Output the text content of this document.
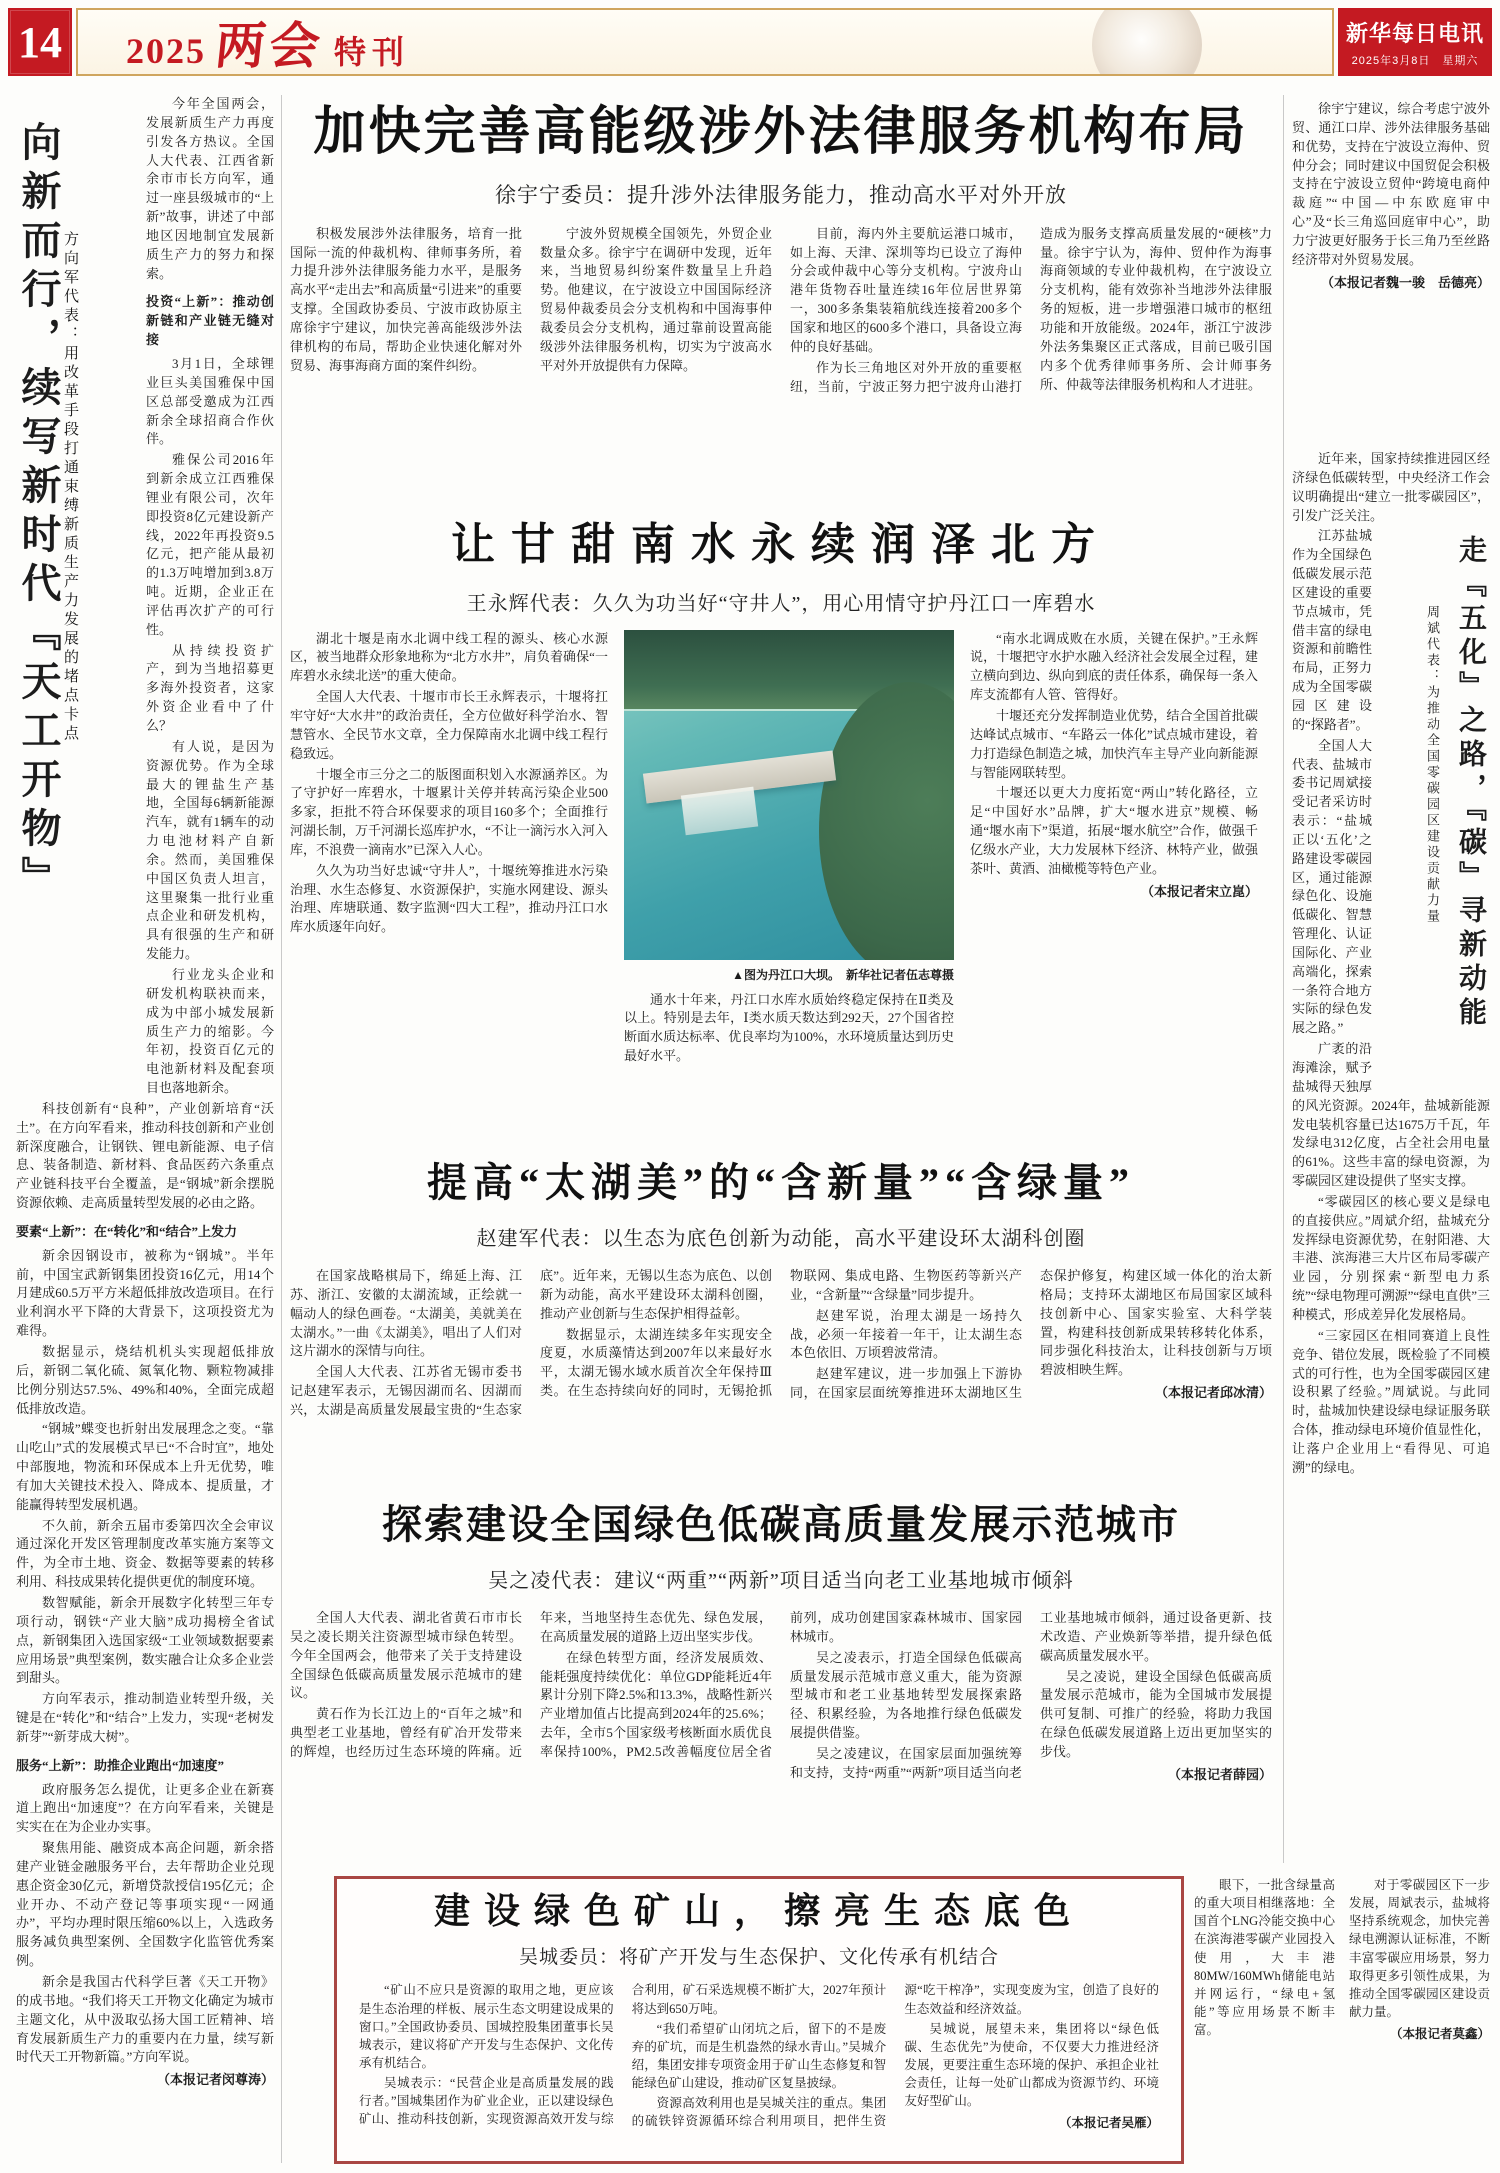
14 2025 两会 特刊
新华每日电讯
2025年3月8日　 星期六
向新而行，续写新时代『天工开物』 方向军代表：用改革手段打通束缚新质生产力发展的堵点卡点

今年全国两会，发展新质生产力再度引发各方热议。全国人大代表、江西省新余市市长方向军，通过一座县级城市的“上新”故事，讲述了中部地区因地制宜发展新质生产力的努力和探索。

投资“上新”：推动创新链和产业链无缝对接

3月1日，全球锂业巨头美国雅保中国区总部受邀成为江西新余全球招商合作伙伴。

雅保公司2016年到新余成立江西雅保锂业有限公司，次年即投资8亿元建设新产线，2022年再投资9.5亿元，把产能从最初的1.3万吨增加到3.8万吨。近期，企业正在评估再次扩产的可行性。

从持续投资扩产，到为当地招募更多海外投资者，这家外资企业看中了什么？

有人说，是因为资源优势。作为全球最大的锂盐生产基地，全国每6辆新能源汽车，就有1辆车的动力电池材料产自新余。然而，美国雅保中国区负责人坦言，这里聚集一批行业重点企业和研发机构，具有很强的生产和研发能力。

行业龙头企业和研发机构联袂而来，成为中部小城发展新质生产力的缩影。今年初，投资百亿元的电池新材料及配套项目也落地新余。

科技创新有“良种”，产业创新培育“沃土”。在方向军看来，推动科技创新和产业创新深度融合，让钢铁、锂电新能源、电子信息、装备制造、新材料、食品医药六条重点产业链科技平台全覆盖，是“钢城”新余摆脱资源依赖、走高质量转型发展的必由之路。

要素“上新”：在“转化”和“结合”上发力

新余因钢设市，被称为“钢城”。半年前，中国宝武新钢集团投资16亿元，用14个月建成60.5万平方米超低排放改造项目。在行业利润水平下降的大背景下，这项投资尤为难得。

数据显示，烧结机机头实现超低排放后，新钢二氧化硫、氮氧化物、颗粒物减排比例分别达57.5%、49%和40%，全面完成超低排放改造。

“钢城”蝶变也折射出发展理念之变。“靠山吃山”式的发展模式早已“不合时宜”，地处中部腹地，物流和环保成本上升无优势，唯有加大关键技术投入、降成本、提质量，才能赢得转型发展机遇。

不久前，新余五届市委第四次全会审议通过深化开发区管理制度改革实施方案等文件，为全市土地、资金、数据等要素的转移利用、科技成果转化提供更优的制度环境。

数智赋能，新余开展数字化转型三年专项行动，钢铁“产业大脑”成功揭榜全省试点，新钢集团入选国家级“工业领域数据要素应用场景”典型案例，数实融合让众多企业尝到甜头。

方向军表示，推动制造业转型升级，关键是在“转化”和“结合”上发力，实现“老树发新芽”“新芽成大树”。

服务“上新”：助推企业跑出“加速度”

政府服务怎么提优，让更多企业在新赛道上跑出“加速度”？在方向军看来，关键是实实在在为企业办实事。

聚焦用能、融资成本高企问题，新余搭建产业链金融服务平台，去年帮助企业兑现惠企资金30亿元，新增贷款授信195亿元；企业开办、不动产登记等事项实现“一网通办”，平均办理时限压缩60%以上，入选政务服务减负典型案例、全国数字化监管优秀案例。

新余是我国古代科学巨著《天工开物》的成书地。“我们将天工开物文化确定为城市主题文化，从中汲取弘扬大国工匠精神、培育发展新质生产力的重要内在力量，续写新时代天工开物新篇。”方向军说。

（本报记者闵尊涛）

加快完善高能级涉外法律服务机构布局
徐宇宁委员：提升涉外法律服务能力，推动高水平对外开放

积极发展涉外法律服务，培育一批国际一流的仲裁机构、律师事务所，着力提升涉外法律服务能力水平，是服务高水平“走出去”和高质量“引进来”的重要支撑。全国政协委员、宁波市政协原主席徐宇宁建议，加快完善高能级涉外法律机构的布局，帮助企业快速化解对外贸易、海事海商方面的案件纠纷。

宁波外贸规模全国领先，外贸企业数量众多。徐宇宁在调研中发现，近年来，当地贸易纠纷案件数量呈上升趋势。他建议，在宁波设立中国国际经济贸易仲裁委员会分支机构和中国海事仲裁委员会分支机构，通过靠前设置高能级涉外法律服务机构，切实为宁波高水平对外开放提供有力保障。

目前，海内外主要航运港口城市，如上海、天津、深圳等均已设立了海仲分会或仲裁中心等分支机构。宁波舟山港年货物吞吐量连续16年位居世界第一，300多条集装箱航线连接着200多个国家和地区的600多个港口，具备设立海仲的良好基础。

作为长三角地区对外开放的重要枢纽，当前，宁波正努力把宁波舟山港打造成为服务支撑高质量发展的“硬核”力量。徐宇宁认为，海仲、贸仲作为海事海商领域的专业仲裁机构，在宁波设立分支机构，能有效弥补当地涉外法律服务的短板，进一步增强港口城市的枢纽功能和开放能级。2024年，浙江宁波涉外法务集聚区正式落成，目前已吸引国内多个优秀律师事务所、会计师事务所、仲裁等法律服务机构和人才进驻。

徐宇宁建议，综合考虑宁波外贸、通江口岸、涉外法律服务基础和优势，支持在宁波设立海仲、贸仲分会；同时建议中国贸促会积极支持在宁波设立贸仲“跨境电商仲裁庭”“中国—中东欧庭审中心”及“长三角巡回庭审中心”，助力宁波更好服务于长三角乃至丝路经济带对外贸易发展。

（本报记者魏一骏　岳德亮）

让甘甜南水永续润泽北方
王永辉代表：久久为功当好“守井人”，用心用情守护丹江口一库碧水

湖北十堰是南水北调中线工程的源头、核心水源区，被当地群众形象地称为“北方水井”，肩负着确保“一库碧水永续北送”的重大使命。

全国人大代表、十堰市市长王永辉表示，十堰将扛牢守好“大水井”的政治责任，全方位做好科学治水、智慧管水、全民节水文章，全力保障南水北调中线工程行稳致远。

十堰全市三分之二的版图面积划入水源涵养区。为了守护好一库碧水，十堰累计关停并转高污染企业500多家，拒批不符合环保要求的项目160多个；全面推行河湖长制，万千河湖长巡库护水，“不让一滴污水入河入库，不浪费一滴南水”已深入人心。

久久为功当好忠诚“守井人”，十堰统筹推进水污染治理、水生态修复、水资源保护，实施水网建设、源头治理、库塘联通、数字监测“四大工程”，推动丹江口水库水质逐年向好。

▲图为丹江口大坝。　新华社记者伍志尊摄

通水十年来，丹江口水库水质始终稳定保持在Ⅱ类及以上。特别是去年，Ⅰ类水质天数达到292天，27个国省控断面水质达标率、优良率均为100%，水环境质量达到历史最好水平。

“南水北调成败在水质，关键在保护。”王永辉说，十堰把守水护水融入经济社会发展全过程，建立横向到边、纵向到底的责任体系，确保每一条入库支流都有人管、管得好。

十堰还充分发挥制造业优势，结合全国首批碳达峰试点城市、“车路云一体化”试点城市建设，着力打造绿色制造之城，加快汽车主导产业向新能源与智能网联转型。

十堰还以更大力度拓宽“两山”转化路径，立足“中国好水”品牌，扩大“堰水进京”规模、畅通“堰水南下”渠道，拓展“堰水航空”合作，做强千亿级水产业，大力发展林下经济、林特产业，做强茶叶、黄酒、油橄榄等特色产业。

（本报记者宋立崑）

提高“太湖美”的“含新量”“含绿量”
赵建军代表：以生态为底色创新为动能，高水平建设环太湖科创圈

在国家战略棋局下，绵延上海、江苏、浙江、安徽的太湖流域，正绘就一幅动人的绿色画卷。“太湖美，美就美在太湖水。”一曲《太湖美》，唱出了人们对这片湖水的深情与向往。

全国人大代表、江苏省无锡市委书记赵建军表示，无锡因湖而名、因湖而兴，太湖是高质量发展最宝贵的“生态家底”。近年来，无锡以生态为底色、以创新为动能，高水平建设环太湖科创圈，推动产业创新与生态保护相得益彰。

数据显示，太湖连续多年实现安全度夏，水质藻情达到2007年以来最好水平，太湖无锡水域水质首次全年保持Ⅲ类。在生态持续向好的同时，无锡抢抓物联网、集成电路、生物医药等新兴产业，“含新量”“含绿量”同步提升。

赵建军说，治理太湖是一场持久战，必须一年接着一年干，让太湖生态本色依旧、万顷碧波常清。

赵建军建议，进一步加强上下游协同，在国家层面统筹推进环太湖地区生态保护修复，构建区域一体化的治太新格局；支持环太湖地区布局国家区域科技创新中心、国家实验室、大科学装置，构建科技创新成果转移转化体系，同步强化科技治太，让科技创新与万顷碧波相映生辉。

（本报记者邱冰清）

探索建设全国绿色低碳高质量发展示范城市
吴之凌代表：建议“两重”“两新”项目适当向老工业基地城市倾斜

全国人大代表、湖北省黄石市市长吴之凌长期关注资源型城市绿色转型。今年全国两会，他带来了关于支持建设全国绿色低碳高质量发展示范城市的建议。

黄石作为长江边上的“百年之城”和典型老工业基地，曾经有矿冶开发带来的辉煌，也经历过生态环境的阵痛。近年来，当地坚持生态优先、绿色发展，在高质量发展的道路上迈出坚实步伐。

在绿色转型方面，经济发展质效、能耗强度持续优化：单位GDP能耗近4年累计分别下降2.5%和13.3%，战略性新兴产业增加值占比提高到2024年的25.6%；去年，全市5个国家级考核断面水质优良率保持100%，PM2.5改善幅度位居全省前列，成功创建国家森林城市、国家园林城市。

吴之凌表示，打造全国绿色低碳高质量发展示范城市意义重大，能为资源型城市和老工业基地转型发展探索路径、积累经验，为各地推行绿色低碳发展提供借鉴。

吴之凌建议，在国家层面加强统筹和支持，支持“两重”“两新”项目适当向老工业基地城市倾斜，通过设备更新、技术改造、产业焕新等举措，提升绿色低碳高质量发展水平。

吴之凌说，建设全国绿色低碳高质量发展示范城市，能为全国城市发展提供可复制、可推广的经验，将助力我国在绿色低碳发展道路上迈出更加坚实的步伐。

（本报记者薛园）

建设绿色矿山，擦亮生态底色
吴城委员：将矿产开发与生态保护、文化传承有机结合

“矿山不应只是资源的取用之地，更应该是生态治理的样板、展示生态文明建设成果的窗口。”全国政协委员、国城控股集团董事长吴城表示，建议将矿产开发与生态保护、文化传承有机结合。

吴城表示：“民营企业是高质量发展的践行者。”国城集团作为矿业企业，正以建设绿色矿山、推动科技创新，实现资源高效开发与综合利用，矿石采选规模不断扩大，2027年预计将达到650万吨。

“我们希望矿山闭坑之后，留下的不是废弃的矿坑，而是生机盎然的绿水青山。”吴城介绍，集团安排专项资金用于矿山生态修复和智能绿色矿山建设，推动矿区复垦披绿。

资源高效利用也是吴城关注的重点。集团的硫铁锌资源循环综合利用项目，把伴生资源“吃干榨净”，实现变废为宝，创造了良好的生态效益和经济效益。

吴城说，展望未来，集团将以“绿色低碳、生态优先”为使命，不仅要大力推进经济发展，更要注重生态环境的保护、承担企业社会责任，让每一处矿山都成为资源节约、环境友好型矿山。

（本报记者吴雁）

近年来，国家持续推进园区经济绿色低碳转型，中央经济工作会议明确提出“建立一批零碳园区”，引发广泛关注。

周斌代表：为推动全国零碳园区建设贡献力量 走『五化』之路，『碳』寻新动能

江苏盐城作为全国绿色低碳发展示范区建设的重要节点城市，凭借丰富的绿电资源和前瞻性布局，正努力成为全国零碳园区建设的“探路者”。

全国人大代表、盐城市委书记周斌接受记者采访时表示：“盐城正以‘五化’之路建设零碳园区，通过能源绿色化、设施低碳化、智慧管理化、认证国际化、产业高端化，探索一条符合地方实际的绿色发展之路。”

广袤的沿海滩涂，赋予盐城得天独厚的风光资源。2024年，盐城新能源发电装机容量已达1675万千瓦，年发绿电312亿度，占全社会用电量的61%。这些丰富的绿电资源，为零碳园区建设提供了坚实支撑。

“零碳园区的核心要义是绿电的直接供应。”周斌介绍，盐城充分发挥绿电资源优势，在射阳港、大丰港、滨海港三大片区布局零碳产业园，分别探索“新型电力系统”“绿电物理可溯源”“绿电直供”三种模式，形成差异化发展格局。

“三家园区在相同赛道上良性竞争、错位发展，既检验了不同模式的可行性，也为全国零碳园区建设积累了经验。”周斌说。与此同时，盐城加快建设绿电绿证服务联合体，推动绿电环境价值显性化，让落户企业用上“看得见、可追溯”的绿电。

眼下，一批含绿量高的重大项目相继落地：全国首个LNG冷能交换中心在滨海港零碳产业园投入使用，大丰港80MW/160MWh储能电站并网运行，“绿电+氢能”等应用场景不断丰富。

对于零碳园区下一步发展，周斌表示，盐城将坚持系统观念，加快完善绿电溯源认证标准，不断丰富零碳应用场景，努力取得更多引领性成果，为推动全国零碳园区建设贡献力量。

（本报记者莫鑫）
